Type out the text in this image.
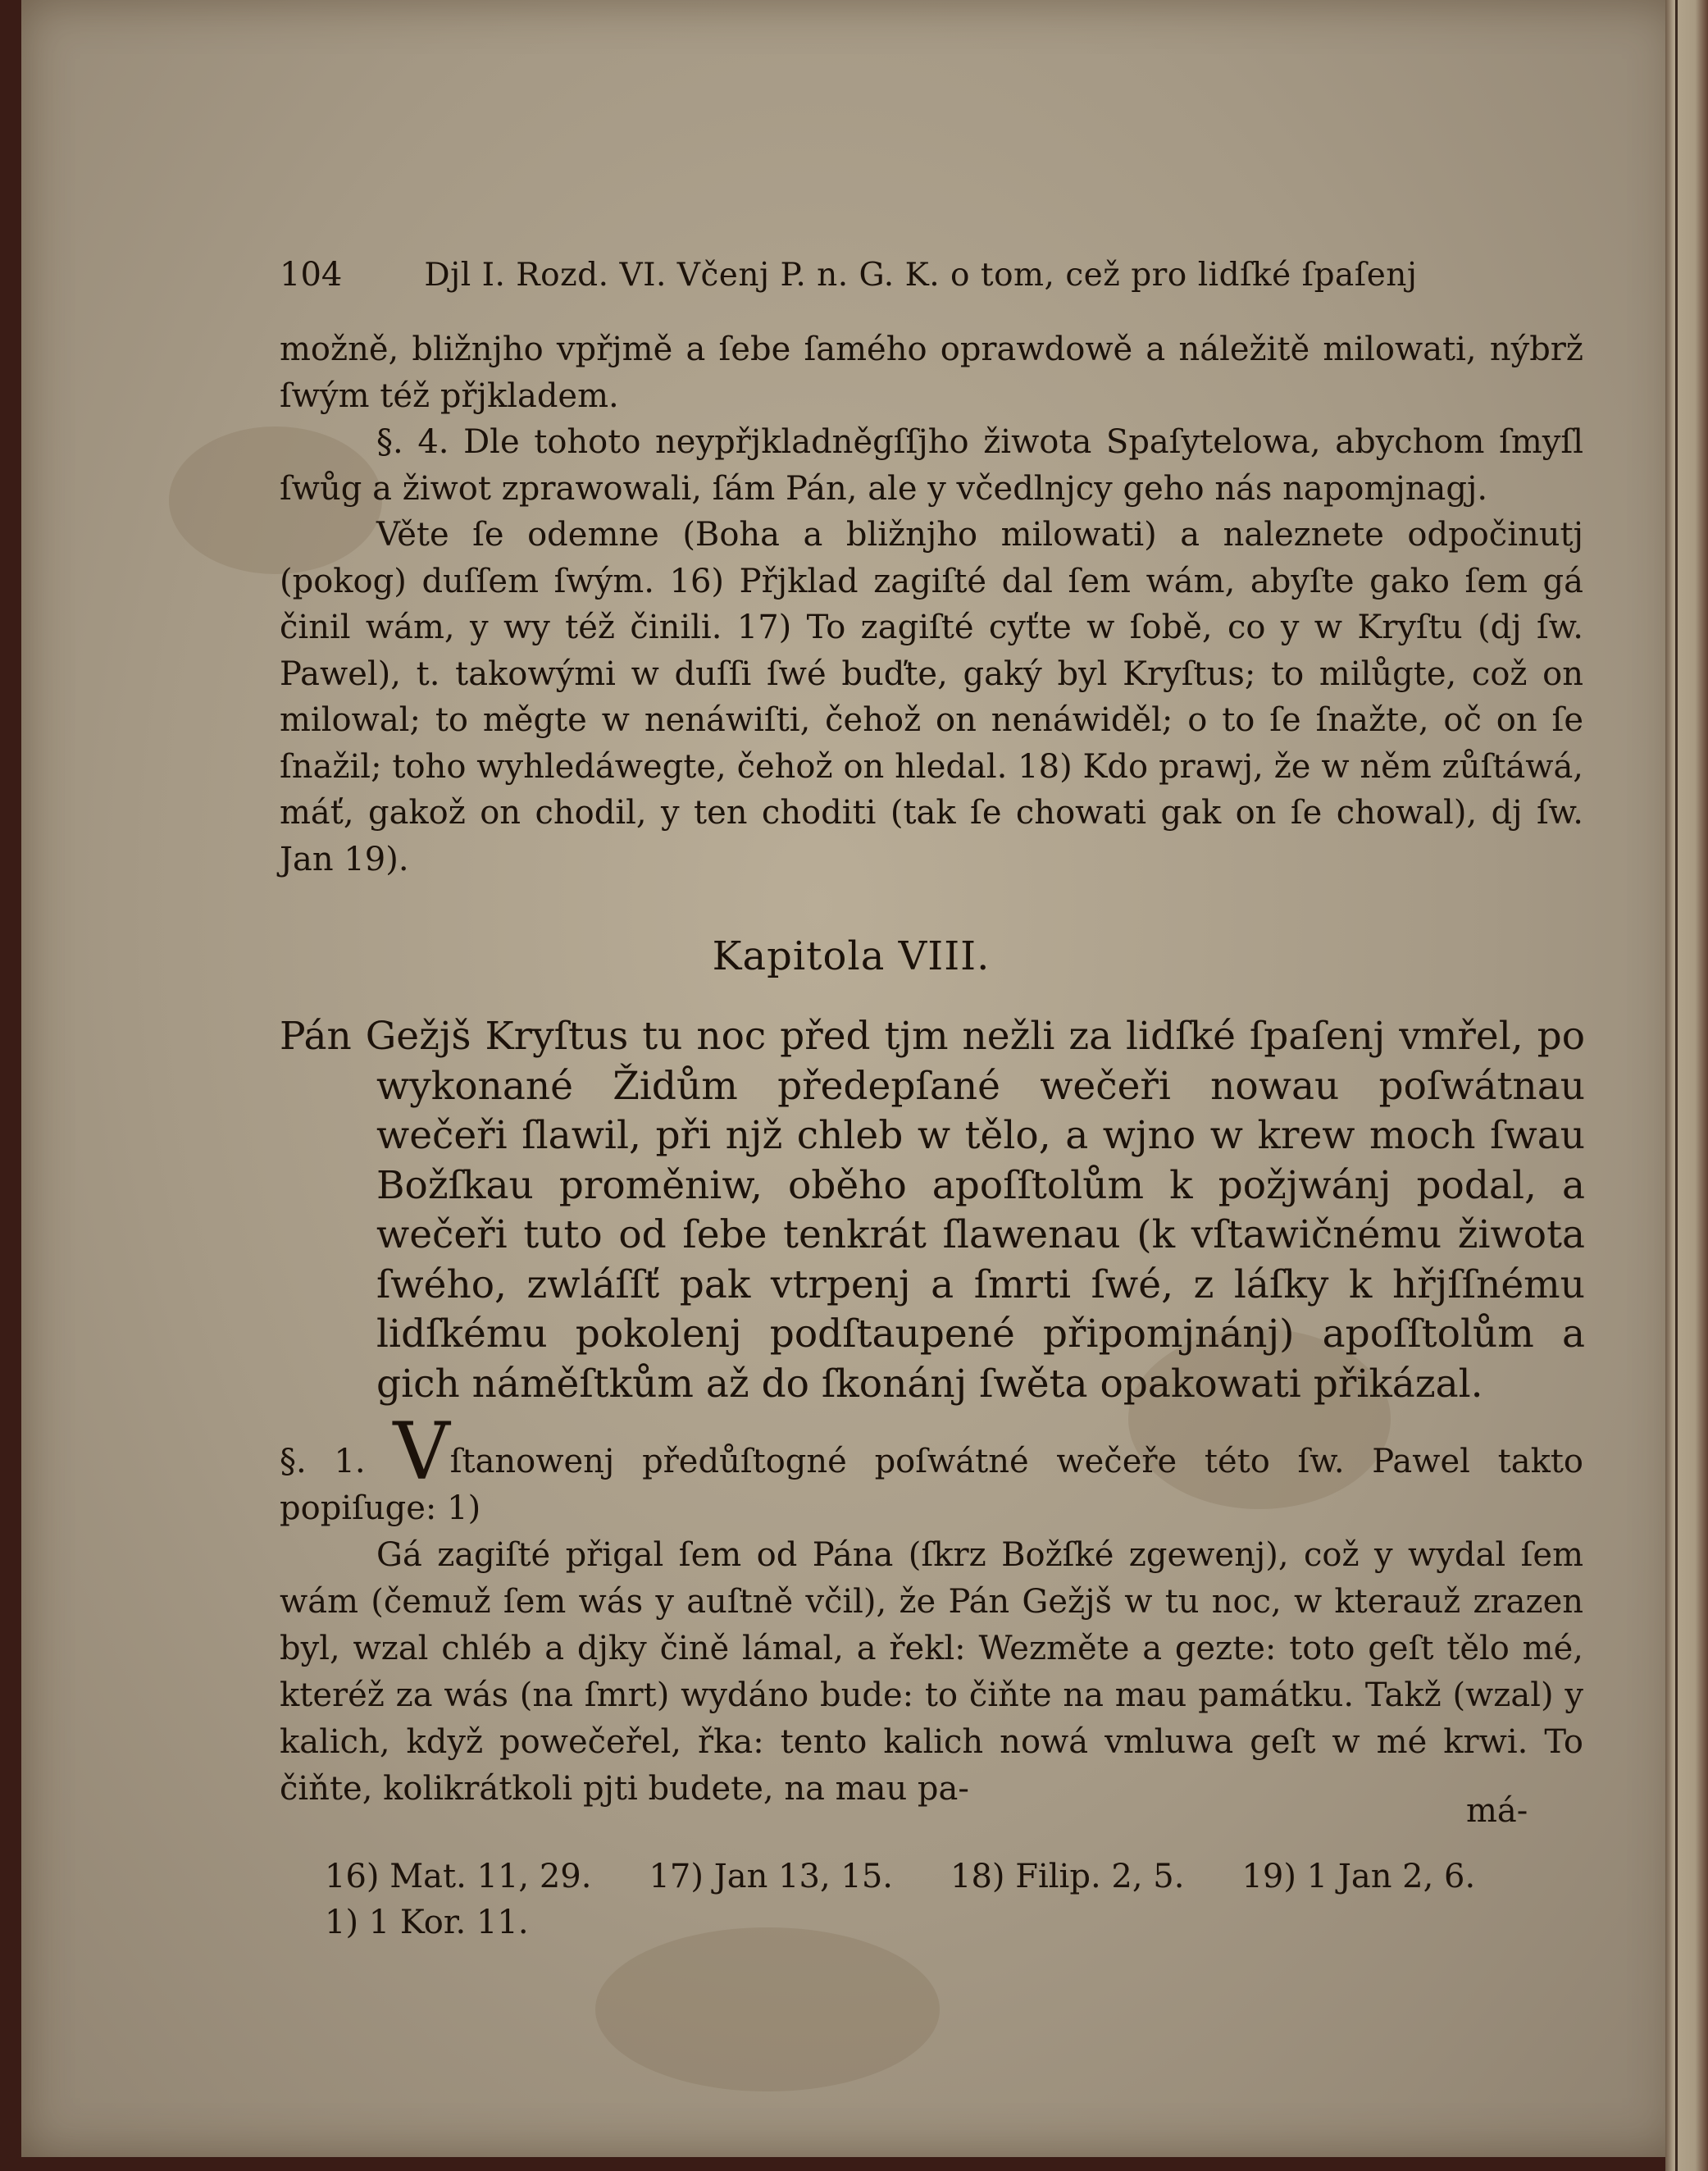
104	Djl I. Rozd. VI. Včenj P. n. G. K. o tom, cež pro lidſké ſpaſenj

možně, bližnjho vpřjmě a ſebe ſamého oprawdowě a náležitě milowati, nýbrž ſwým též přjkladem.

§. 4. Dle tohoto neypřjkladněgſſjho žiwota Spaſytelowa, abychom ſmyſl ſwůg a žiwot zprawowali, ſám Pán, ale y včedlnjcy geho nás napomjnagj.

Věte ſe odemne (Boha a bližnjho milowati) a naleznete odpočinutj (pokog) duſſem ſwým. 16) Přjklad zagiſté dal ſem wám, abyſte gako ſem gá činil wám, y wy též činili. 17) To zagiſté cyťte w ſobě, co y w Kryſtu (dj ſw. Pawel), t. takowými w duſſi ſwé buďte, gaký byl Kryſtus; to milůgte, což on milowal; to měgte w nenáwiſti, čehož on nenáwiděl; o to ſe ſnažte, oč on ſe ſnažil; toho wyhledáwegte, čehož on hledal. 18) Kdo prawj, že w něm zůſtáwá, máť, gakož on chodil, y ten choditi (tak ſe chowati gak on ſe chowal), dj ſw. Jan 19).

Kapitola VIII.

Pán Gežjš Kryſtus tu noc před tjm nežli za lidſké ſpaſenj vmřel, po wykonané Židům předepſané wečeři nowau poſwátnau wečeři ſlawil, při njž chleb w tělo, a wjno w krew moch ſwau Božſkau proměniw, oběho apoſſtolům k požjwánj podal, a wečeři tuto od ſebe tenkrát ſlawenau (k vſtawičnému žiwota ſwého, zwláſſť pak vtrpenj a ſmrti ſwé, z láſky k hřjſſnému lidſkému pokolenj podſtaupené připomjnánj) apoſſtolům a gich náměſtkům až do ſkonánj ſwěta opakowati přikázal.

§. 1. Vſtanowenj předůſtogné poſwátné wečeře této ſw. Pawel takto popiſuge: 1)

Gá zagiſté přigal ſem od Pána (ſkrz Božſké zgewenj), což y wydal ſem wám (čemuž ſem wás y auſtně včil), že Pán Gežjš w tu noc, w kterauž zrazen byl, wzal chléb a djky čině lámal, a řekl: Wezměte a gezte: toto geſt tělo mé, kteréž za wás (na ſmrt) wydáno bude: to čiňte na mau památku. Takž (wzal) y kalich, když powečeřel, řka: tento kalich nowá vmluwa geſt w mé krwi. To čiňte, kolikrátkoli pjti budete, na mau pa-

má-
16) Mat. 11, 29. 17) Jan 13, 15. 18) Filip. 2, 5. 19) 1 Jan 2, 6.
1) 1 Kor. 11.
